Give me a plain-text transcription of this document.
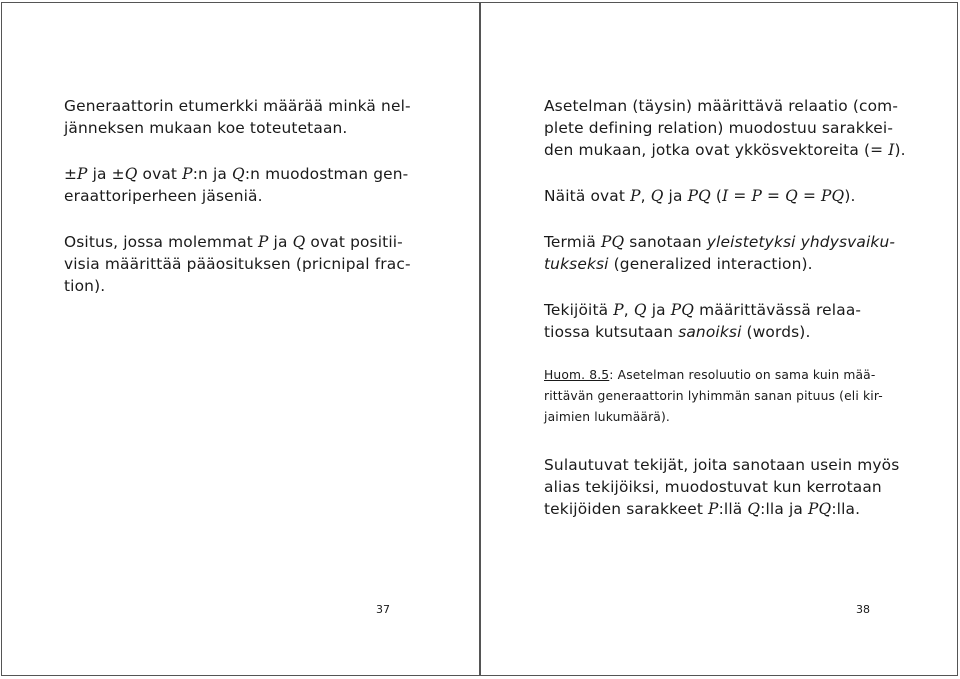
Generaattorin etumerkki määrää minkä nel-
jänneksen mukaan koe toteutetaan.
±P ja ±Q ovat P:n ja Q:n muodostman gen-
eraattoriperheen jäseniä.
Ositus, jossa molemmat P ja Q ovat positii-
visia määrittää pääosituksen (pricnipal frac-
tion).
37
Asetelman (täysin) määrittävä relaatio (com-
plete defining relation) muodostuu sarakkei-
den mukaan, jotka ovat ykkösvektoreita (= I).
Näitä ovat P, Q ja PQ (I = P = Q = PQ).
Termiä PQ sanotaan yleistetyksi yhdysvaiku-
tukseksi (generalized interaction).
Tekijöitä P, Q ja PQ määrittävässä relaa-
tiossa kutsutaan sanoiksi (words).
Huom. 8.5: Asetelman resoluutio on sama kuin mää-
rittävän generaattorin lyhimmän sanan pituus (eli kir-
jaimien lukumäärä).
Sulautuvat tekijät, joita sanotaan usein myös
alias tekijöiksi, muodostuvat kun kerrotaan
tekijöiden sarakkeet P:llä Q:lla ja PQ:lla.
38
